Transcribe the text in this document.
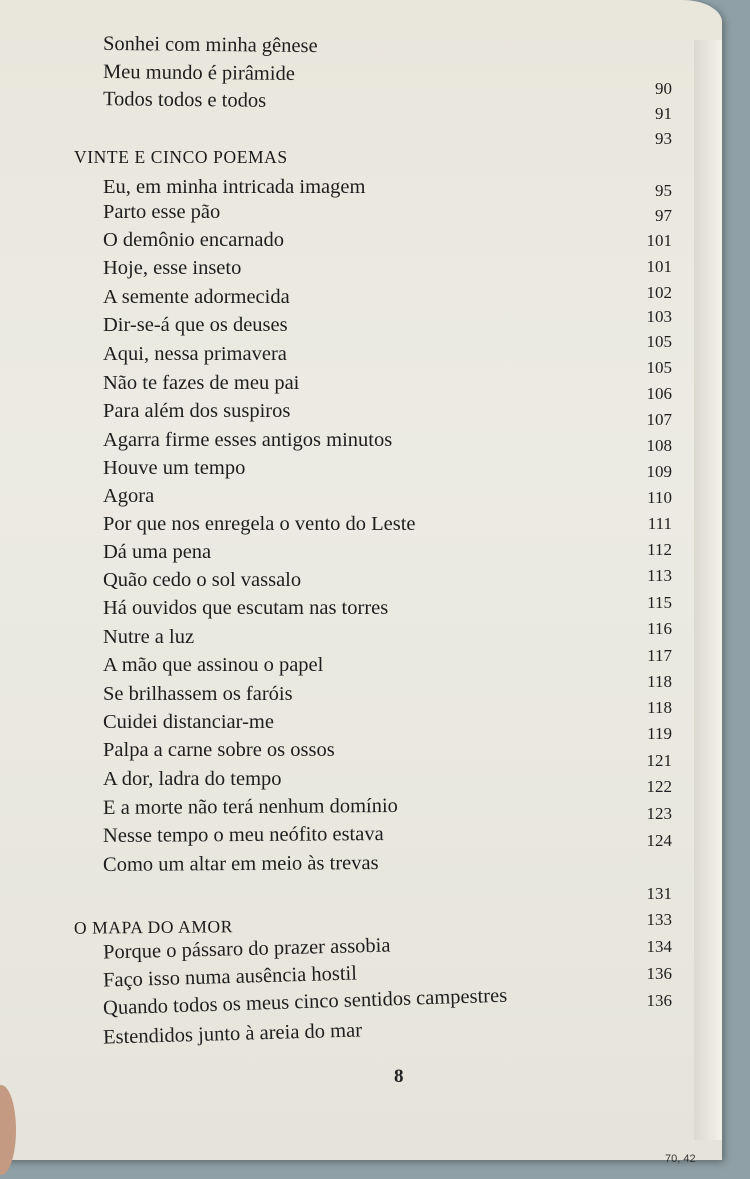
Sonhei com minha gênese
Meu mundo é pirâmide
Todos todos e todos
VINTE E CINCO POEMAS
Eu, em minha intricada imagem
Parto esse pão
O demônio encarnado
Hoje, esse inseto
A semente adormecida
Dir-se-á que os deuses
Aqui, nessa primavera
Não te fazes de meu pai
Para além dos suspiros
Agarra firme esses antigos minutos
Houve um tempo
Agora
Por que nos enregela o vento do Leste
Dá uma pena
Quão cedo o sol vassalo
Há ouvidos que escutam nas torres
Nutre a luz
A mão que assinou o papel
Se brilhassem os faróis
Cuidei distanciar-me
Palpa a carne sobre os ossos
A dor, ladra do tempo
E a morte não terá nenhum domínio
Nesse tempo o meu neófito estava
Como um altar em meio às trevas
O MAPA DO AMOR
Porque o pássaro do prazer assobia
Faço isso numa ausência hostil
Quando todos os meus cinco sentidos campestres
Estendidos junto à areia do mar
90
91
93
95
97
101
101
102
103
105
105
106
107
108
109
110
111
112
113
115
116
117
118
118
119
121
122
123
124
131
133
134
136
136
8
70, 42
